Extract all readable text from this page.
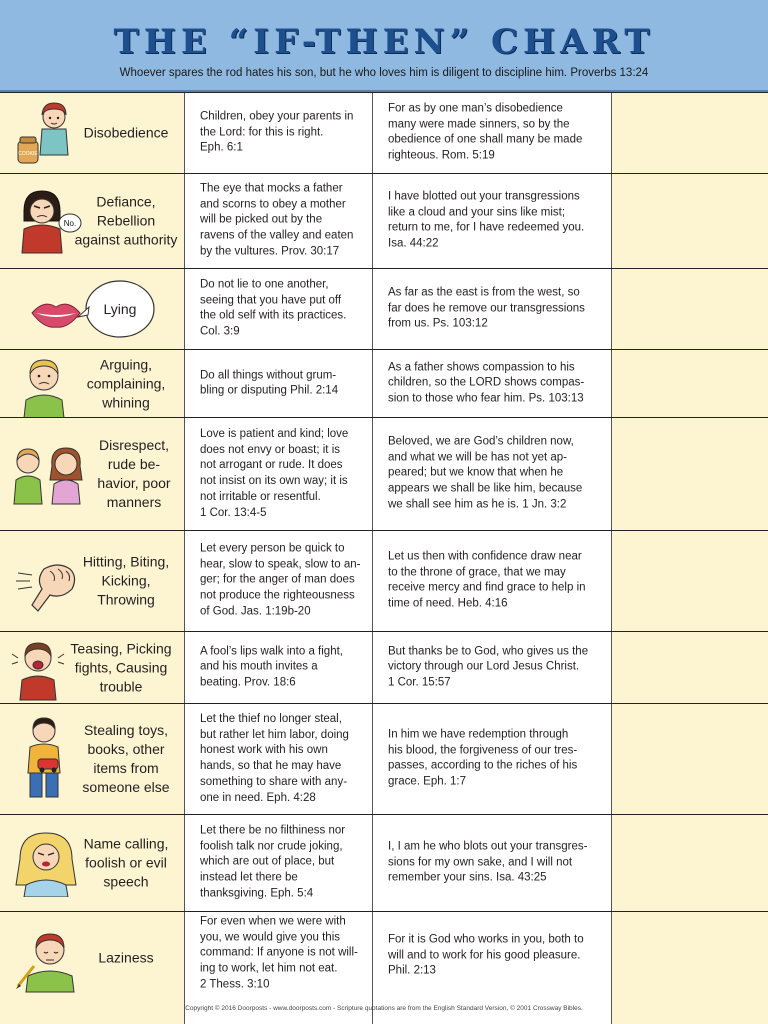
THE “IF-THEN” CHART
Whoever spares the rod hates his son, but he who loves him is diligent to discipline him. Proverbs 13:24
COOKIE
Disobedience
Children, obey your parents in
the Lord: for this is right.
Eph. 6:1
For as by one man’s disobedience
many were made sinners, so by the
obedience of one shall many be made
righteous. Rom. 5:19
No.
Defiance, Rebellion against authority
The eye that mocks a father
and scorns to obey a mother
will be picked out by the
ravens of the valley and eaten
by the vultures. Prov. 30:17
I have blotted out your transgressions
like a cloud and your sins like mist;
return to me, for I have redeemed you.
Isa. 44:22
Lying
Do not lie to one another,
seeing that you have put off
the old self with its practices.
Col. 3:9
As far as the east is from the west, so
far does he remove our transgressions
from us. Ps. 103:12
Arguing, complaining, whining
Do all things without grum-
bling or disputing Phil. 2:14
As a father shows compassion to his
children, so the LORD shows compas-
sion to those who fear him. Ps. 103:13
Disrespect, rude be- havior, poor manners
Love is patient and kind; love
does not envy or boast; it is
not arrogant or rude. It does
not insist on its own way; it is
not irritable or resentful.
1 Cor. 13:4-5
Beloved, we are God’s children now,
and what we will be has not yet ap-
peared; but we know that when he
appears we shall be like him, because
we shall see him as he is. 1 Jn. 3:2
Hitting, Biting, Kicking, Throwing
Let every person be quick to
hear, slow to speak, slow to an-
ger; for the anger of man does
not produce the righteousness
of God. Jas. 1:19b-20
Let us then with confidence draw near
to the throne of grace, that we may
receive mercy and find grace to help in
time of need. Heb. 4:16
Teasing, Picking fights, Causing trouble
A fool’s lips walk into a fight,
and his mouth invites a
beating. Prov. 18:6
But thanks be to God, who gives us the
victory through our Lord Jesus Christ.
1 Cor. 15:57
Stealing toys, books, other items from someone else
Let the thief no longer steal,
but rather let him labor, doing
honest work with his own
hands, so that he may have
something to share with any-
one in need. Eph. 4:28
In him we have redemption through
his blood, the forgiveness of our tres-
passes, according to the riches of his
grace. Eph. 1:7
Name calling, foolish or evil speech
Let there be no filthiness nor
foolish talk nor crude joking,
which are out of place, but
instead let there be
thanksgiving. Eph. 5:4
I, I am he who blots out your transgres-
sions for my own sake, and I will not
remember your sins. Isa. 43:25
Laziness
For even when we were with
you, we would give you this
command: If anyone is not will-
ing to work, let him not eat.
2 Thess. 3:10
For it is God who works in you, both to
will and to work for his good pleasure.
Phil. 2:13
Copyright © 2016 Doorposts - www.doorposts.com - Scripture quotations are from the English Standard Version, © 2001 Crossway Bibles.
